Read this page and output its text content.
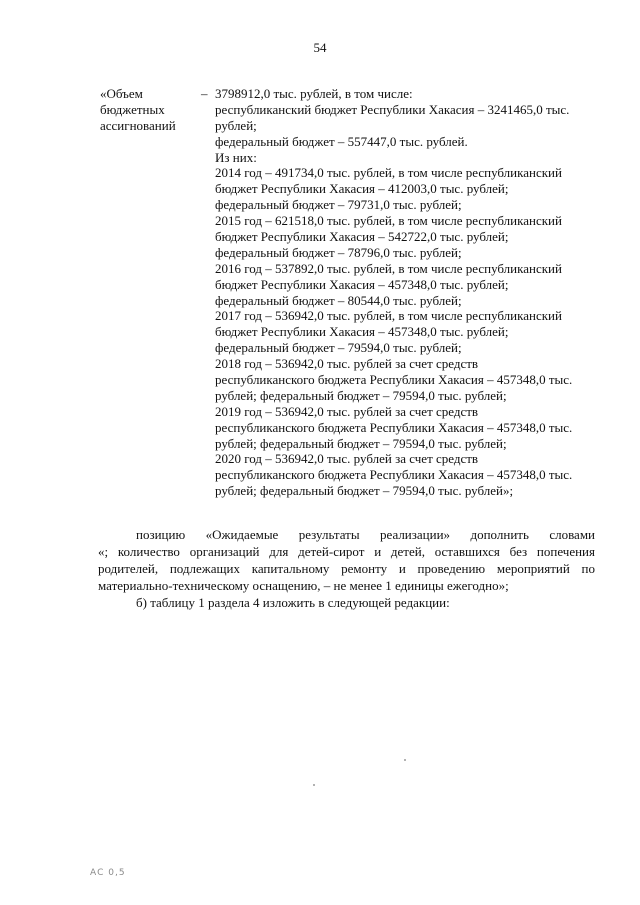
54
«Объем
бюджетных
ассигнований
– 3798912,0 тыс. рублей, в том числе:
республиканский бюджет Республики Хакасия – 3241465,0 тыс.
рублей;
федеральный бюджет – 557447,0 тыс. рублей.
Из них:
2014 год – 491734,0 тыс. рублей, в том числе республиканский
бюджет Республики Хакасия – 412003,0 тыс. рублей;
федеральный бюджет – 79731,0 тыс. рублей;
2015 год – 621518,0 тыс. рублей, в том числе республиканский
бюджет Республики Хакасия – 542722,0 тыс. рублей;
федеральный бюджет – 78796,0 тыс. рублей;
2016 год – 537892,0 тыс. рублей, в том числе республиканский
бюджет Республики Хакасия – 457348,0 тыс. рублей;
федеральный бюджет – 80544,0 тыс. рублей;
2017 год – 536942,0 тыс. рублей, в том числе республиканский
бюджет Республики Хакасия – 457348,0 тыс. рублей;
федеральный бюджет – 79594,0 тыс. рублей;
2018 год – 536942,0 тыс. рублей за счет средств
республиканского бюджета Республики Хакасия – 457348,0 тыс.
рублей; федеральный бюджет – 79594,0 тыс. рублей;
2019 год – 536942,0 тыс. рублей за счет средств
республиканского бюджета Республики Хакасия – 457348,0 тыс.
рублей; федеральный бюджет – 79594,0 тыс. рублей;
2020 год – 536942,0 тыс. рублей за счет средств
республиканского бюджета Республики Хакасия – 457348,0 тыс.
рублей; федеральный бюджет – 79594,0 тыс. рублей»;
позицию «Ожидаемые результаты реализации» дополнить словами
«; количество организаций для детей-сирот и детей, оставшихся без попечения
родителей, подлежащих капитальному ремонту и проведению мероприятий по
материально-техническому оснащению, – не менее 1 единицы ежегодно»;
б) таблицу 1 раздела 4 изложить в следующей редакции:
АС 0,5
